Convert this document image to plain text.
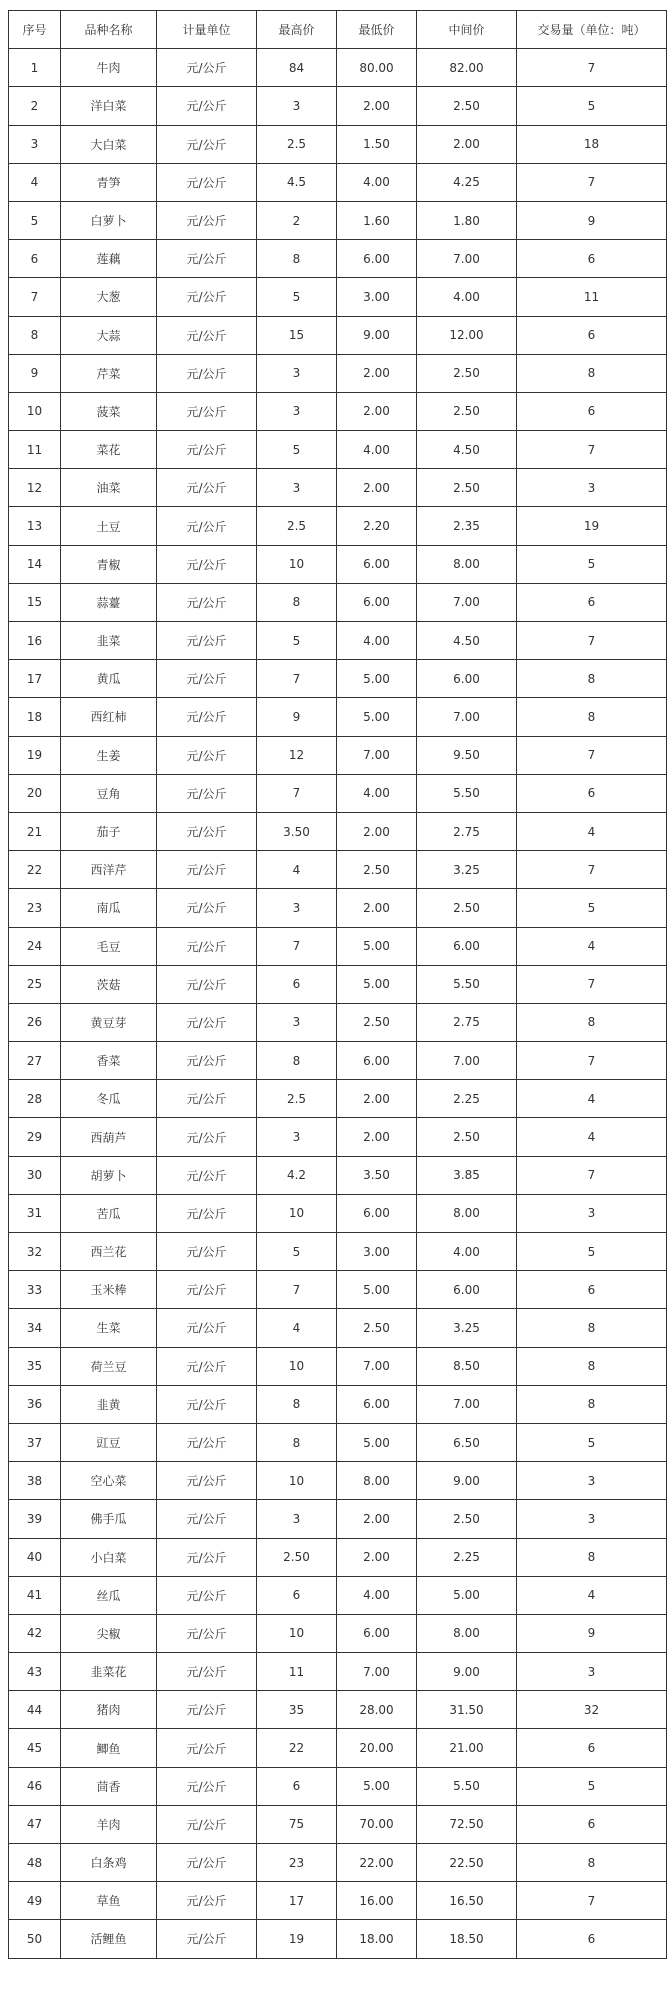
序号	品种名称	计量单位	最高价	最低价	中间价	交易量（单位：吨）
1	牛肉	元/公斤	84	80.00	82.00	7
2	洋白菜	元/公斤	3	2.00	2.50	5
3	大白菜	元/公斤	2.5	1.50	2.00	18
4	青笋	元/公斤	4.5	4.00	4.25	7
5	白萝卜	元/公斤	2	1.60	1.80	9
6	莲藕	元/公斤	8	6.00	7.00	6
7	大葱	元/公斤	5	3.00	4.00	11
8	大蒜	元/公斤	15	9.00	12.00	6
9	芹菜	元/公斤	3	2.00	2.50	8
10	菠菜	元/公斤	3	2.00	2.50	6
11	菜花	元/公斤	5	4.00	4.50	7
12	油菜	元/公斤	3	2.00	2.50	3
13	土豆	元/公斤	2.5	2.20	2.35	19
14	青椒	元/公斤	10	6.00	8.00	5
15	蒜薹	元/公斤	8	6.00	7.00	6
16	韭菜	元/公斤	5	4.00	4.50	7
17	黄瓜	元/公斤	7	5.00	6.00	8
18	西红柿	元/公斤	9	5.00	7.00	8
19	生姜	元/公斤	12	7.00	9.50	7
20	豆角	元/公斤	7	4.00	5.50	6
21	茄子	元/公斤	3.50	2.00	2.75	4
22	西洋芹	元/公斤	4	2.50	3.25	7
23	南瓜	元/公斤	3	2.00	2.50	5
24	毛豆	元/公斤	7	5.00	6.00	4
25	茨菇	元/公斤	6	5.00	5.50	7
26	黄豆芽	元/公斤	3	2.50	2.75	8
27	香菜	元/公斤	8	6.00	7.00	7
28	冬瓜	元/公斤	2.5	2.00	2.25	4
29	西葫芦	元/公斤	3	2.00	2.50	4
30	胡萝卜	元/公斤	4.2	3.50	3.85	7
31	苦瓜	元/公斤	10	6.00	8.00	3
32	西兰花	元/公斤	5	3.00	4.00	5
33	玉米棒	元/公斤	7	5.00	6.00	6
34	生菜	元/公斤	4	2.50	3.25	8
35	荷兰豆	元/公斤	10	7.00	8.50	8
36	韭黄	元/公斤	8	6.00	7.00	8
37	豇豆	元/公斤	8	5.00	6.50	5
38	空心菜	元/公斤	10	8.00	9.00	3
39	佛手瓜	元/公斤	3	2.00	2.50	3
40	小白菜	元/公斤	2.50	2.00	2.25	8
41	丝瓜	元/公斤	6	4.00	5.00	4
42	尖椒	元/公斤	10	6.00	8.00	9
43	韭菜花	元/公斤	11	7.00	9.00	3
44	猪肉	元/公斤	35	28.00	31.50	32
45	鲫鱼	元/公斤	22	20.00	21.00	6
46	茴香	元/公斤	6	5.00	5.50	5
47	羊肉	元/公斤	75	70.00	72.50	6
48	白条鸡	元/公斤	23	22.00	22.50	8
49	草鱼	元/公斤	17	16.00	16.50	7
50	活鲤鱼	元/公斤	19	18.00	18.50	6
